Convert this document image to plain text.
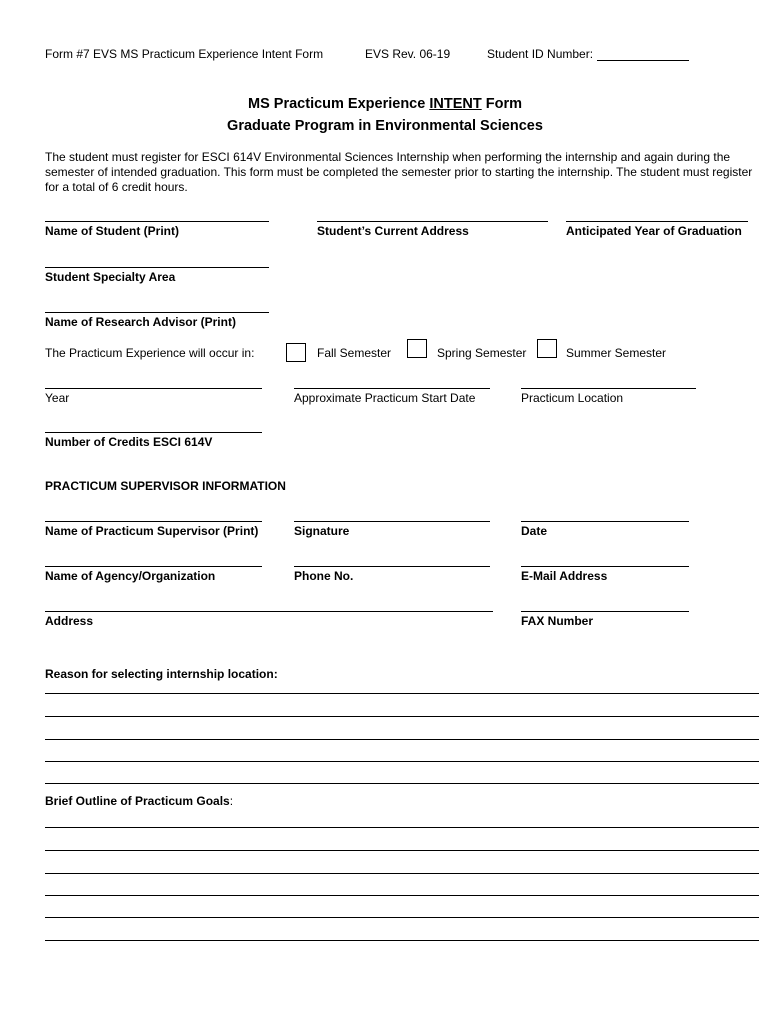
Form #7 EVS MS Practicum Experience Intent Form	EVS Rev. 06-19	Student ID Number:
MS Practicum Experience INTENT Form
Graduate Program in Environmental Sciences
The student must register for ESCI 614V Environmental Sciences Internship when performing the internship and again during the semester of intended graduation. This form must be completed the semester prior to starting the internship. The student must register for a total of 6 credit hours.
Name of Student (Print)	Student’s Current Address	Anticipated Year of Graduation
Student Specialty Area
Name of Research Advisor (Print)
The Practicum Experience will occur in:	Fall Semester	Spring Semester	Summer Semester
Year	Approximate Practicum Start Date	Practicum Location
Number of Credits ESCI 614V
PRACTICUM SUPERVISOR INFORMATION
Name of Practicum Supervisor (Print)	Signature	Date
Name of Agency/Organization	Phone No.	E-Mail Address
Address	FAX Number
Reason for selecting internship location:
Brief Outline of Practicum Goals:
